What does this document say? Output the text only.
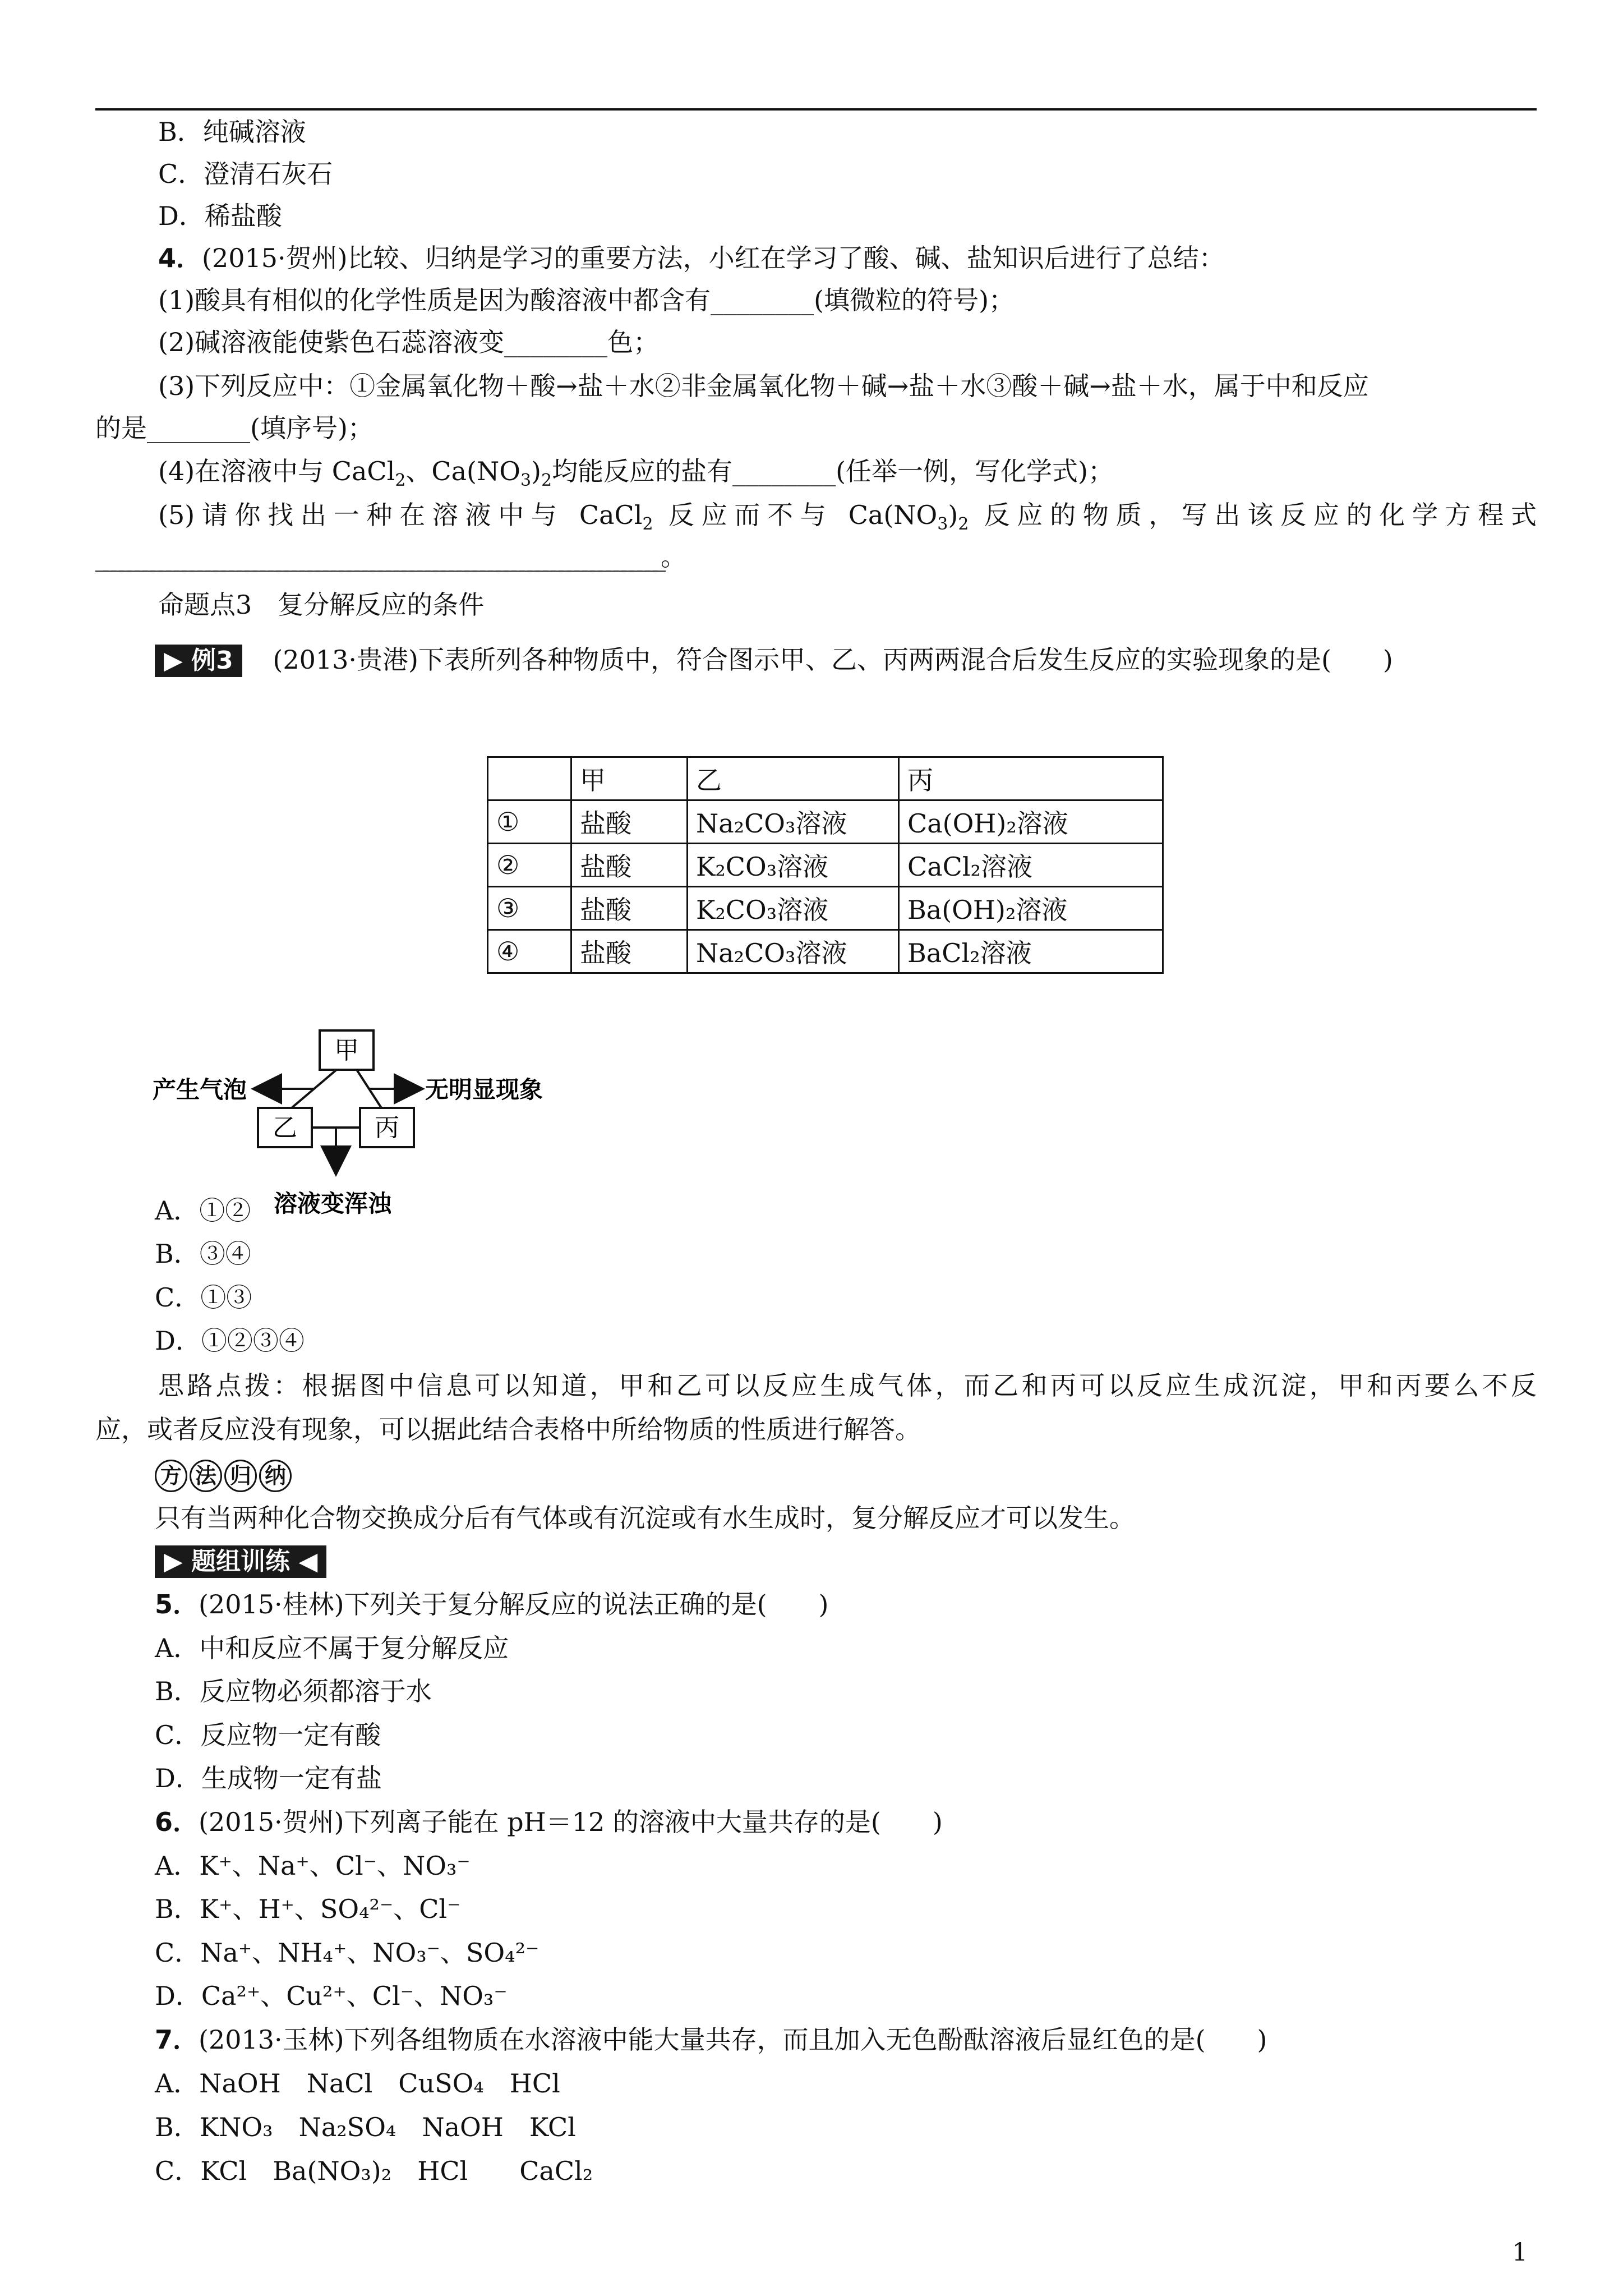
B．纯碱溶液
C．澄清石灰石
D．稀盐酸
4．(2015·贺州)比较、归纳是学习的重要方法，小红在学习了酸、碱、盐知识后进行了总结：
(1)酸具有相似的化学性质是因为酸溶液中都含有________(填微粒的符号)；
(2)碱溶液能使紫色石蕊溶液变________色；
(3)下列反应中：①金属氧化物＋酸→盐＋水②非金属氧化物＋碱→盐＋水③酸＋碱→盐＋水，属于中和反应
的是________(填序号)；
(4)在溶液中与 CaCl$_2$、$Ca(NO_3)_2$均能反应的盐有________(任举一例，写化学式)；
(5)请你找出一种在溶液中与 CaCl$_2$ 反应而不与 $Ca(NO_3)_2$ 反应的物质，写出该反应的化学方程式
________________________________________________________________________。
命题点3　复分解反应的条件
▶ 例3 (2013·贵港)下表所列各种物质中，符合图示甲、乙、丙两两混合后发生反应的实验现象的是(　　)
	甲	乙	丙
①	盐酸	Na₂CO₃溶液	Ca(OH)₂溶液
②	盐酸	K₂CO₃溶液	CaCl₂溶液
③	盐酸	K₂CO₃溶液	Ba(OH)₂溶液
④	盐酸	Na₂CO₃溶液	BaCl₂溶液
甲
乙	丙
产生气泡	无明显现象
溶液变浑浊
A．①②
B．③④
C．①③
D．①②③④
思路点拨：根据图中信息可以知道，甲和乙可以反应生成气体，而乙和丙可以反应生成沉淀，甲和丙要么不反
应，或者反应没有现象，可以据此结合表格中所给物质的性质进行解答。
方 法 归 纳
只有当两种化合物交换成分后有气体或有沉淀或有水生成时，复分解反应才可以发生。
▶ 题组训练 ◀
5．(2015·桂林)下列关于复分解反应的说法正确的是(　　)
A．中和反应不属于复分解反应
B．反应物必须都溶于水
C．反应物一定有酸
D．生成物一定有盐
6．(2015·贺州)下列离子能在 pH＝12 的溶液中大量共存的是(　　)
A．K⁺、Na⁺、Cl⁻、NO₃⁻
B．K⁺、H⁺、SO₄²⁻、Cl⁻
C．Na⁺、NH₄⁺、NO₃⁻、SO₄²⁻
D．Ca²⁺、Cu²⁺、Cl⁻、NO₃⁻
7．(2013·玉林)下列各组物质在水溶液中能大量共存，而且加入无色酚酞溶液后显红色的是(　　)
A．NaOH　NaCl　CuSO₄　HCl
B．KNO₃　Na₂SO₄　NaOH　KCl
C．KCl　Ba(NO₃)₂　HCl　　CaCl₂
1
